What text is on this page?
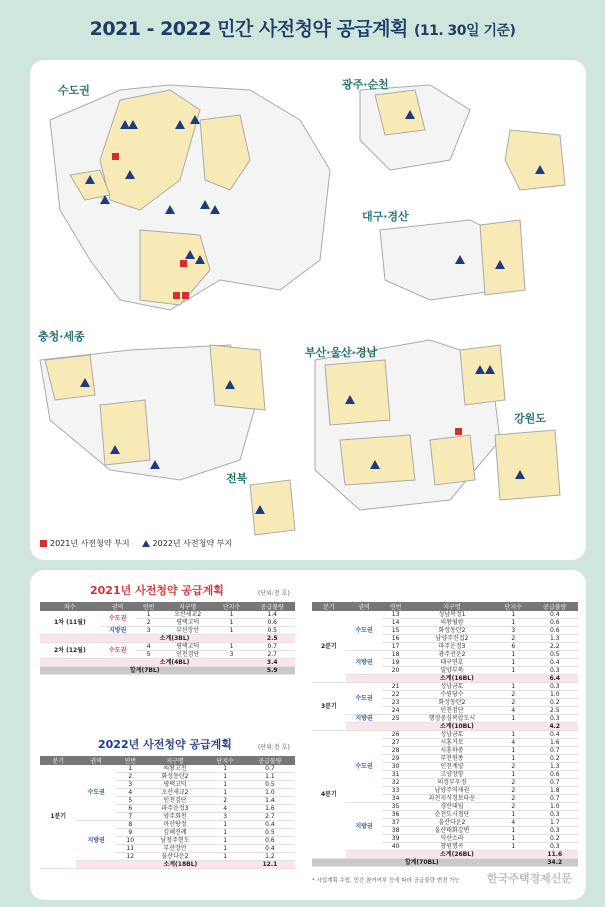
2021 - 2022 민간 사전청약 공급계획 (11. 30일 기준)
수도권	광주·순천
대구·경산
충청·세종
부산·울산·경남
강원도
전북
2021년 사전청약 부지	2022년 사전청약 부지
2021년 사전청약 공급계획	(단위:천 호)
차수	권역	연번	지구명	단지수	공급물량
1차 (11월)	수도권	1	오산세교2	1	1.4
		2	평택고덕	1	0.6
	지방권	3	부산장안	1	0.5
	소계(3BL)				2.5
2차 (12월)	수도권	4	평택고덕	1	0.7
		5	인천검단	3	2.7
	소계(4BL)				3.4
합계(7BL)					5.9
2022년 사전청약 공급계획	(단위:천 호)
분기	권역	연번	지구명	단지수	공급물량
1분기	수도권	1	의왕고천	1	0.7
		2	화성동탄2	1	1.1
		3	평택고덕	1	0.5
		4	오산세교2	1	1.0
		5	인천검단	2	1.4
		6	파주운정3	4	1.6
		7	양주회천	3	2.7
	지방권	8	아산탕정	1	0.4
		9	김해진례	1	0.5
		10	남청주현도	1	0.6
		11	부산장안	1	0.4
		12	울산다운2	1	1.2
		소계(18BL)			12.1
분기	권역	연번	지구명	단지수	공급물량
2분기	수도권	13	성남복정1	1	0.4
		14	의왕월암	1	0.6
		15	화성동탄2	3	0.6
		16	남양주진접2	2	1.3
		17	파주운정3	6	2.2
	지방권	18	광주선운2	1	0.5
		19	대구연호	1	0.4
		20	밀양부북	1	0.3
		소계(16BL)			6.4
3분기	수도권	21	성남금토	1	0.3
		22	수원당수	2	1.0
		23	화성동탄2	2	0.2
		24	인천검단	4	2.5
	지방권	25	행정중심복합도시	1	0.3
		소계(10BL)			4.2
4분기	수도권	26	성남금토	1	0.4
		27	시흥거모	4	1.6
		28	시흥하중	1	0.7
		29	부천원종	1	0.2
		30	인천계양	2	1.3
		31	고양장항	1	0.6
		32	의정부우정	2	0.7
		33	남양주역세권	2	1.8
		34	과천지식정보타운	2	0.7
	지방권	35	경산대임	2	1.0
		36	순천도시첨단	1	0.3
		37	울산다운2	4	1.7
		38	울산태화강변	1	0.3
		39	익산소라	1	0.2
		40	창원명곡	1	0.3
		소계(26BL)			11.6
합계(70BL)					34.2
* 사업계획 수립, 민간 참여여부 등에 따라 공급물량 변경 가능 한국주택경제신문
